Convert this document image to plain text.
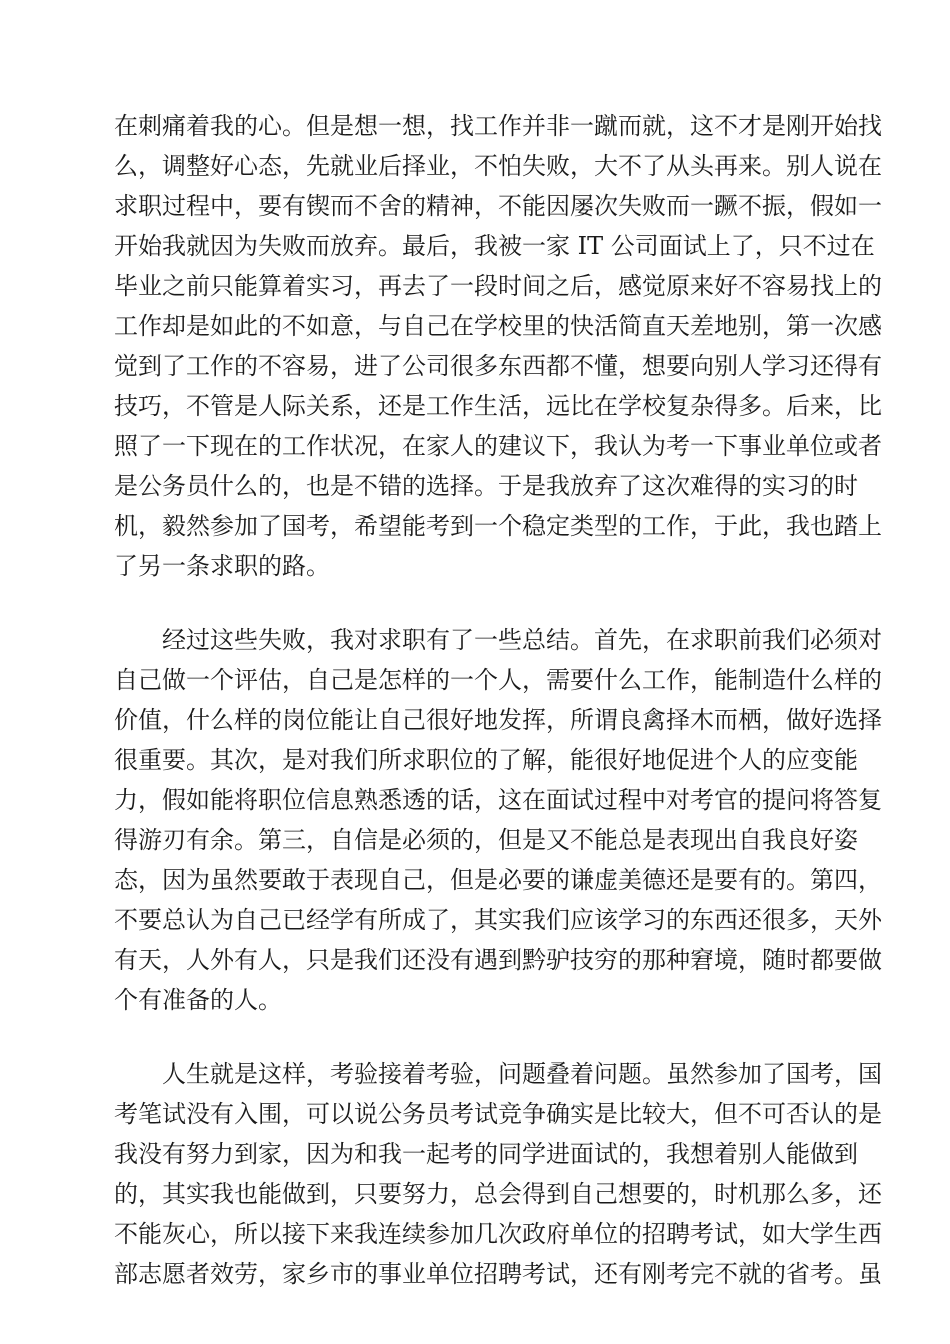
在刺痛着我的心。但是想一想，找工作并非一蹴而就，这不才是刚开始找
么，调整好心态，先就业后择业，不怕失败，大不了从头再来。别人说在
求职过程中，要有锲而不舍的精神，不能因屡次失败而一蹶不振，假如一
开始我就因为失败而放弃。最后，我被一家 IT 公司面试上了，只不过在
毕业之前只能算着实习，再去了一段时间之后，感觉原来好不容易找上的
工作却是如此的不如意，与自己在学校里的快活简直天差地别，第一次感
觉到了工作的不容易，进了公司很多东西都不懂，想要向别人学习还得有
技巧，不管是人际关系，还是工作生活，远比在学校复杂得多。后来，比
照了一下现在的工作状况，在家人的建议下，我认为考一下事业单位或者
是公务员什么的，也是不错的选择。于是我放弃了这次难得的实习的时
机，毅然参加了国考，希望能考到一个稳定类型的工作，于此，我也踏上
了另一条求职的路。
　　经过这些失败，我对求职有了一些总结。首先，在求职前我们必须对
自己做一个评估，自己是怎样的一个人，需要什么工作，能制造什么样的
价值，什么样的岗位能让自己很好地发挥，所谓良禽择木而栖，做好选择
很重要。其次，是对我们所求职位的了解，能很好地促进个人的应变能
力，假如能将职位信息熟悉透的话，这在面试过程中对考官的提问将答复
得游刃有余。第三，自信是必须的，但是又不能总是表现出自我良好姿
态，因为虽然要敢于表现自己，但是必要的谦虚美德还是要有的。第四，
不要总认为自己已经学有所成了，其实我们应该学习的东西还很多，天外
有天，人外有人，只是我们还没有遇到黔驴技穷的那种窘境，随时都要做
个有准备的人。
　　人生就是这样，考验接着考验，问题叠着问题。虽然参加了国考，国
考笔试没有入围，可以说公务员考试竞争确实是比较大，但不可否认的是
我没有努力到家，因为和我一起考的同学进面试的，我想着别人能做到
的，其实我也能做到，只要努力，总会得到自己想要的，时机那么多，还
不能灰心，所以接下来我连续参加几次政府单位的招聘考试，如大学生西
部志愿者效劳，家乡市的事业单位招聘考试，还有刚考完不就的省考。虽
